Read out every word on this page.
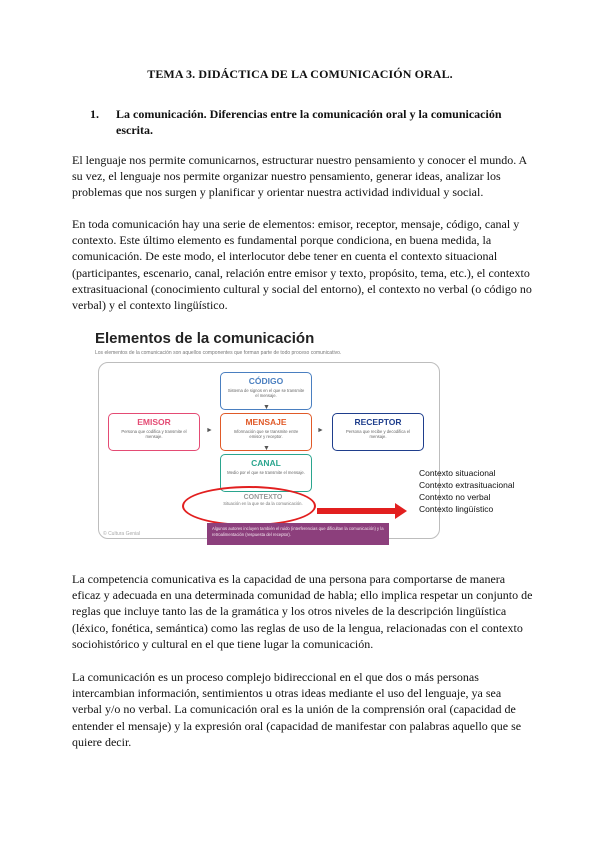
TEMA 3. DIDÁCTICA DE LA COMUNICACIÓN ORAL.
1.	La comunicación. Diferencias entre la comunicación oral y la comunicación escrita.

El lenguaje nos permite comunicarnos, estructurar nuestro pensamiento y conocer el mundo. A su vez, el lenguaje nos permite organizar nuestro pensamiento, generar ideas, analizar los problemas que nos surgen y planificar y orientar nuestra actividad individual y social.

En toda comunicación hay una serie de elementos: emisor, receptor, mensaje, código, canal y contexto. Este último elemento es fundamental porque condiciona, en buena medida, la comunicación. De este modo, el interlocutor debe tener en cuenta el contexto situacional (participantes, escenario, canal, relación entre emisor y texto, propósito, tema, etc.), el contexto extrasituacional (conocimiento cultural y social del entorno), el contexto no verbal (o código no verbal) y el contexto lingüístico.

Elementos de la comunicación
Los elementos de la comunicación son aquellos componentes que forman parte de todo proceso comunicativo.
CÓDIGO
Sistema de signos en el que se transmite el mensaje.
▼
EMISOR
Persona que codifica y transmite el mensaje.
►
MENSAJE
Información que se transmite entre emisor y receptor.
►
RECEPTOR
Persona que recibe y decodifica el mensaje.
▼
CANAL
Medio por el que se transmite el mensaje.
CONTEXTO
Situación en la que se da la comunicación.
Algunos autores incluyen también el ruido (interferencias que dificultan la comunicación) y la retroalimentación (respuesta del receptor).
© Cultura Genial
Contexto situacional
Contexto extrasituacional
Contexto no verbal
Contexto lingüístico

La competencia comunicativa es la capacidad de una persona para comportarse de manera eficaz y adecuada en una determinada comunidad de habla; ello implica respetar un conjunto de reglas que incluye tanto las de la gramática y los otros niveles de la descripción lingüística (léxico, fonética, semántica) como las reglas de uso de la lengua, relacionadas con el contexto sociohistórico y cultural en el que tiene lugar la comunicación.

La comunicación es un proceso complejo bidireccional en el que dos o más personas intercambian información, sentimientos u otras ideas mediante el uso del lenguaje, ya sea verbal y/o no verbal. La comunicación oral es la unión de la comprensión oral (capacidad de entender el mensaje) y la expresión oral (capacidad de manifestar con palabras aquello que se quiere decir.
